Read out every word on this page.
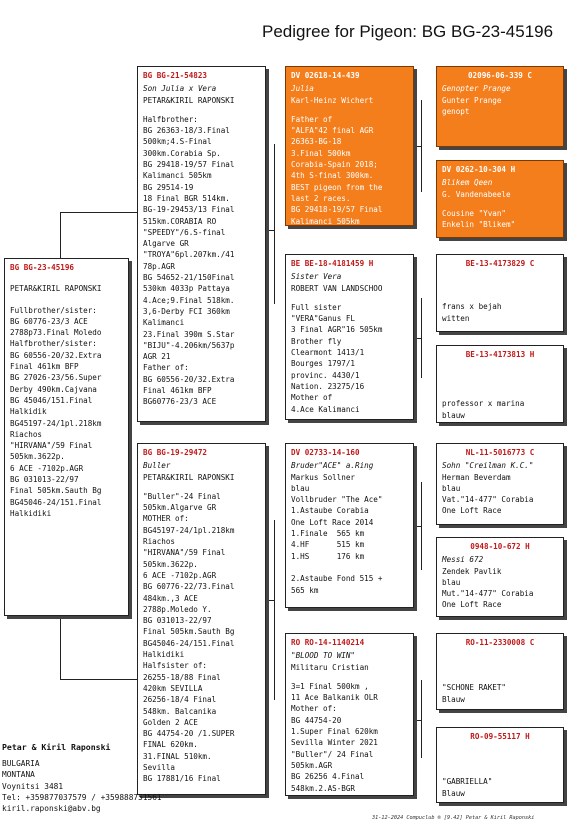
Pedigree for Pigeon: BG BG-23-45196
BG BG-23-45196
PETAR&KIRIL RAPONSKI
Fullbrother/sister:
BG 60776-23/3 ACE
2788p73.Final Moledo
Halfbrother/sister:
BG 60556-20/32.Extra
Final 461km BFP
BG 27026-23/56.Super
Derby 490km.Cajvana
BG 45046/151.Final
Halkidik
BG45197-24/1pl.218km
Riachos
"HIRVANA"/59 Final
505km.3622p.
6 ACE -7102p.AGR
BG 031013-22/97
Final 505km.Sauth Bg
BG45046-24/151.Final
Halkidiki
BG BG-21-54823
Son Julia x Vera
PETAR&KIRIL RAPONSKI
Halfbrother:
BG 26363-18/3.Final
500km;4.S-Final
300km.Corabia Sp.
BG 29418-19/57 Final
Kalimanci 505km
BG 29514-19
18 Final BGR 514km.
BG-19-29453/13 Final
515km.CORABIA RO
"SPEEDY"/6.S-final
Algarve GR
"TROYA"6pl.207km./41
78p.AGR
BG 54652-21/150Final
530km 4033p Pattaya
4.Ace;9.Final 518km.
3,6-Derby FCI 360km
Kalimanci
23.Final 390m S.Star
"BIJU"-4.206km/5637p
AGR 21
Father of:
BG 60556-20/32.Extra
Final 461km BFP
BG60776-23/3 ACE
BG BG-19-29472
Buller
PETAR&KIRIL RAPONSKI
"Buller"-24 Final
505km.Algarve GR
MOTHER of:
BG45197-24/1pl.218km
Riachos
"HIRVANA"/59 Final
505km.3622p.
6 ACE -7102p.AGR
BG 60776-22/73.Final
484km.,3 ACE
2788p.Moledo Y.
BG 031013-22/97
Final 505km.Sauth Bg
BG45046-24/151.Final
Halkidiki
Halfsister of:
26255-18/88 Final
420km SEVILLA
26256-18/4 Final
548km. Balcanika
Golden 2 ACE
BG 44754-20 /1.SUPER
FINAL 620km.
31.FINAL 510km.
Sevilla
BG 17881/16 Final
DV 02618-14-439
Julia
Karl-Heinz Wichert
Father of
"ALFA"42 final AGR
26363-BG-18
3.Final 500km
Corabia-Spain 2018;
4th S-final 300km.
BEST pigeon from the
last 2 races.
BG 29418-19/57 Final
Kalimanci 505km
BE BE-18-4181459 H
Sister Vera
ROBERT VAN LANDSCHOO
Full sister
"VERA"Ganus FL
3 Final AGR"16 505km
Brother fly
Clearmont 1413/1
Bourges 1797/1
provinc. 4430/1
Nation. 23275/16
Mother of
4.Ace Kalimanci
DV 02733-14-160
Bruder"ACE" a.Ring
Markus Sollner
blau
Vollbruder "The Ace"
1.Astaube Corabia
One Loft Race 2014
1.Finale  565 km
4.HF      515 km
1.HS      176 km

2.Astaube Fond 515 +
565 km
RO RO-14-1140214
"BLOOD TO WIN"
Militaru Cristian
3=1 Final 500km ,
11 Ace Balkanik OLR
Mother of:
BG 44754-20
1.Super Final 620km
Sevilla Winter 2021
"Buller"/ 24 Final
505km.AGR
BG 26256 4.Final
548km.2.AS-BGR
02096-06-339 C
Genopter Prange
Gunter Prange
genopt
DV 0262-10-304 H
Blikem Qeen
G. Vandenabeele
Cousine "Yvan"
Enkelin "Blikem"
BE-13-4173829 C
frans x bejah
witten
BE-13-4173813 H
professor x marina
blauw
NL-11-5016773 C
Sohn "Creilman K.C."
Herman Beverdam
blau
Vat."14-477" Corabia
One Loft Race
0948-10-672 H
Messi 672
Zendek Pavlik
blau
Mut."14-477" Corabia
One Loft Race
RO-11-2330008 C
"SCHONE RAKET"
Blauw
RO-09-55117 H
"GABRIELLA"
Blauw
Petar & Kiril Raponski
BULGARIA
MONTANA
Voynitsi 3481
Tel: +359877037579 / +359888751561
kiril.raponski@abv.bg
31-12-2024 Compuclub ® [9.42] Petar & Kiril Raponski
